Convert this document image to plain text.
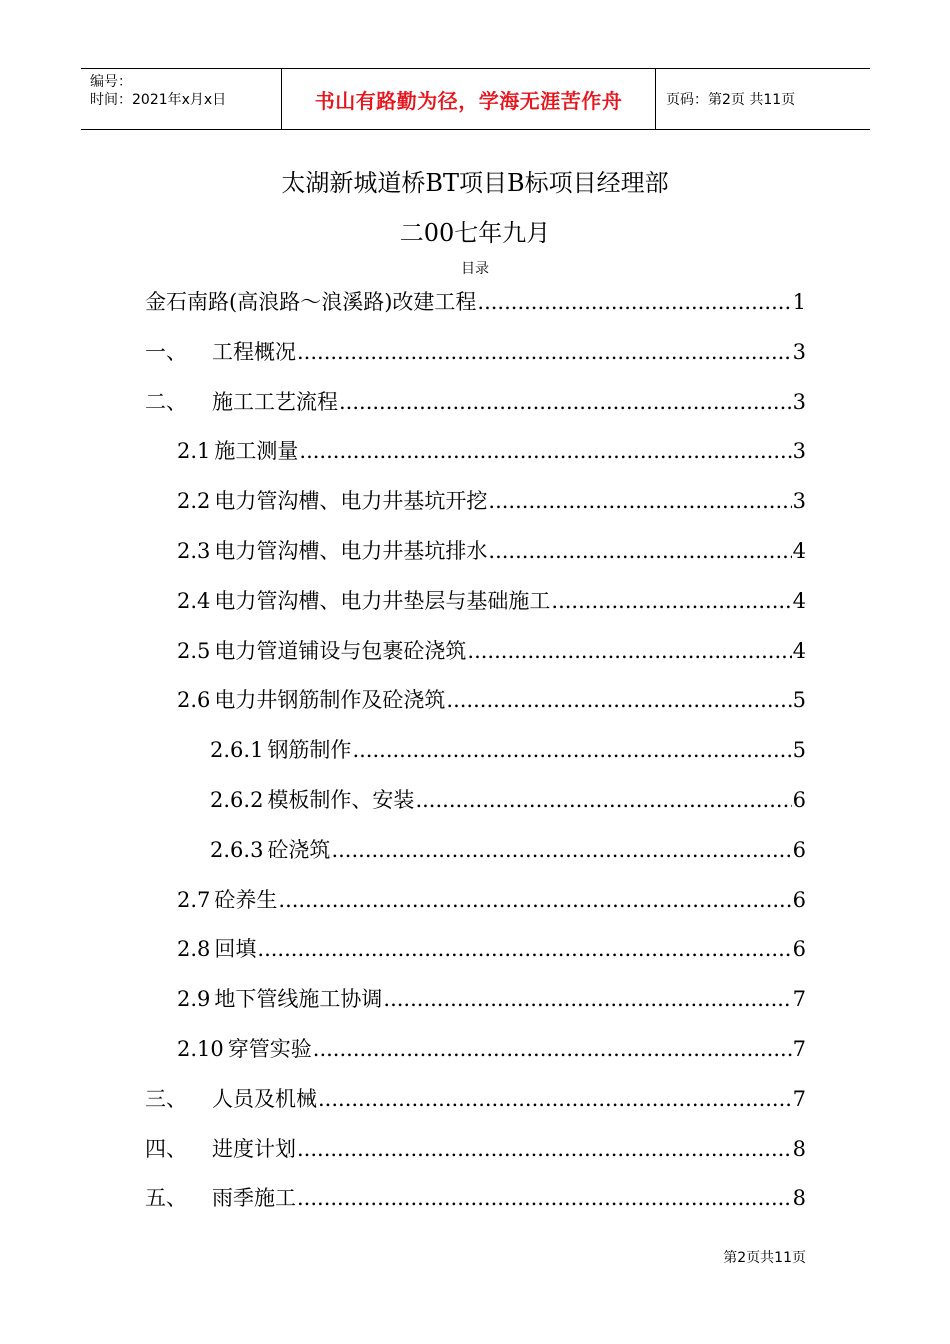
编号：
时间：2021年x月x日	书山有路勤为径，学海无涯苦作舟	页码：第2页 共11页
太湖新城道桥BT项目B标项目经理部
二00七年九月
目录
金石南路(高浪路～浪溪路)改建工程 .....	1
一、	工程概况 .....	3
二、	施工工艺流程 .....	3
2.1 施工测量 .....	3
2.2 电力管沟槽、电力井基坑开挖 .....	3
2.3 电力管沟槽、电力井基坑排水 .....	4
2.4 电力管沟槽、电力井垫层与基础施工 .....	4
2.5 电力管道铺设与包裹砼浇筑 .....	4
2.6 电力井钢筋制作及砼浇筑 .....	5
2.6.1 钢筋制作 .....	5
2.6.2 模板制作、安装 .....	6
2.6.3 砼浇筑 .....	6
2.7 砼养生 .....	6
2.8 回填 .....	6
2.9 地下管线施工协调 .....	7
2.10 穿管实验 .....	7
三、	人员及机械 .....	7
四、	进度计划 .....	8
五、	雨季施工 .....	8
第2页共11页
